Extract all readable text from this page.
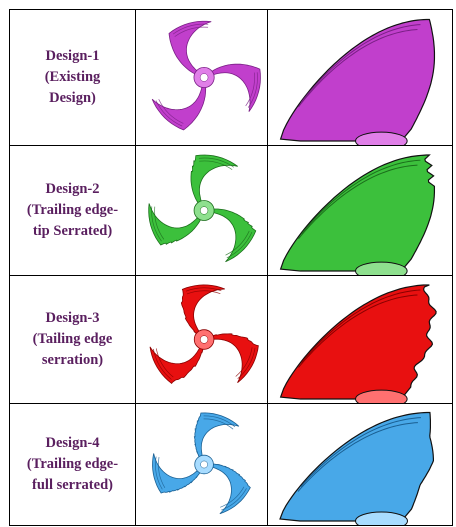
Design-1
(Existing
Design)
Design-2
(Trailing edge-
tip Serrated)
Design-3
(Tailing edge
serration)
Design-4
(Trailing edge-
full serrated)
